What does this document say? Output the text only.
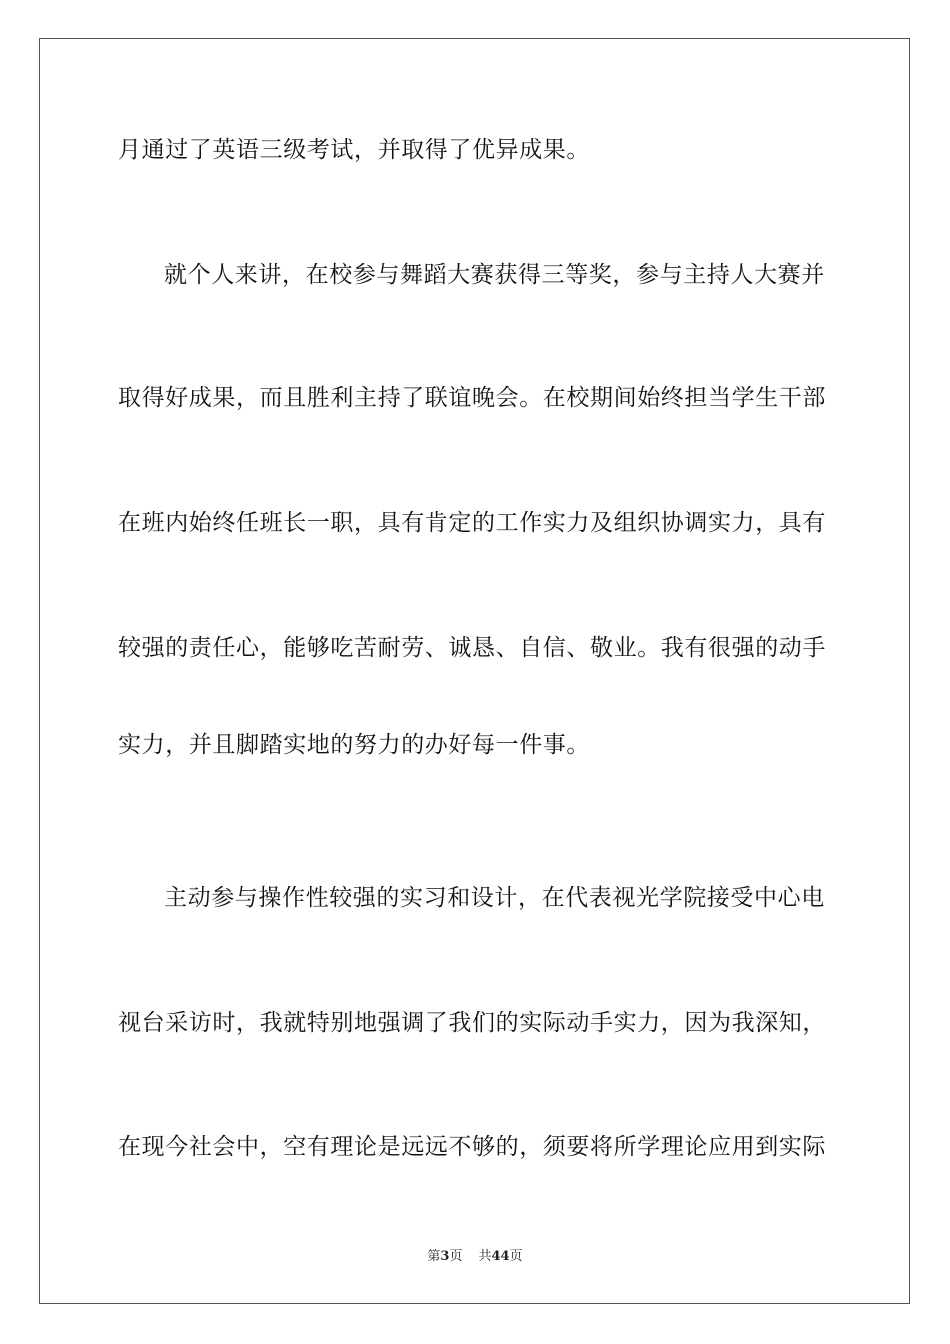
月通过了英语三级考试，并取得了优异成果。
就个人来讲，在校参与舞蹈大赛获得三等奖，参与主持人大赛并
取得好成果，而且胜利主持了联谊晚会。在校期间始终担当学生干部
在班内始终任班长一职，具有肯定的工作实力及组织协调实力，具有
较强的责任心，能够吃苦耐劳、诚恳、自信、敬业。我有很强的动手
实力，并且脚踏实地的努力的办好每一件事。
主动参与操作性较强的实习和设计，在代表视光学院接受中心电
视台采访时，我就特别地强调了我们的实际动手实力，因为我深知，
在现今社会中，空有理论是远远不够的，须要将所学理论应用到实际
第3页 共44页
